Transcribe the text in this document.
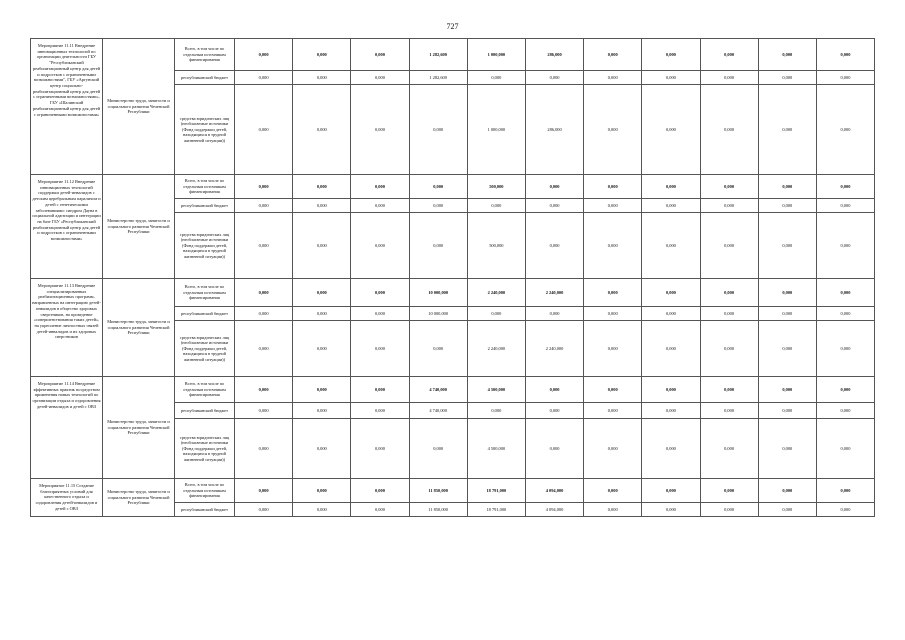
727
Мероприятие 11.11 Внедрение инновационных технологий по организации деятельности ГБУ "Республиканский реабилитационный центр для детей и подростков с ограниченными возможностями", ГБУ «Аргунский центр социально-реабилитационный центр для детей с ограниченными возможностями», ГБУ «Шалинский реабилитационный центр для детей с ограниченными возможностями»	Министерство труда, занятости и социального развития Чеченской Республики	Всего, в том числе по отдельным источникам финансирования	0,000	0,000	0,000	1 282,600	1 000,000	286,000	0,000	0,000	0,000	0,000	0,000
		республиканский бюджет	0,000	0,000	0,000	1 282,600	0,000	0,000	0,000	0,000	0,000	0,000	0,000
		средства юридических лиц (необлагаемые источники (Фонд поддержки детей, находящихся в трудной жизненной ситуации))	0,000	0,000	0,000	0,000	1 000,000	286,000	0,000	0,000	0,000	0,000	0,000
Мероприятие 11.12 Внедрение инновационных технологий поддержки детей-инвалидов с детским церебральным параличом и детей с генетическими заболеваниями: синдром Дауна в социальной адаптации и интеграции на базе ГБУ «Республиканский реабилитационный центр для детей и подростков с ограниченными возможностями»	Министерство труда, занятости и социального развития Чеченской Республики	Всего, в том числе по отдельным источникам финансирования	0,000	0,000	0,000	0,000	500,000	0,000	0,000	0,000	0,000	0,000	0,000
		республиканский бюджет	0,000	0,000	0,000	0,000	0,000	0,000	0,000	0,000	0,000	0,000	0,000
		средства юридических лиц (необлагаемые источники (Фонд поддержки детей, находящихся в трудной жизненной ситуации))	0,000	0,000	0,000	0,000	500,000	0,000	0,000	0,000	0,000	0,000	0,000
Мероприятие 11.13 Внедрение специализированных реабилитационных программ, направленных на интеграцию детей-инвалидов в общество здоровых сверстников, на проведение «совершенствования таких детей», на укрепление личностных связей детей-инвалидов и их здоровых сверстников	Министерство труда, занятости и социального развития Чеченской Республики	Всего, в том числе по отдельным источникам финансирования	0,000	0,000	0,000	10 000,000	2 240,000	2 240,000	0,000	0,000	0,000	0,000	0,000
		республиканский бюджет	0,000	0,000	0,000	10 000,000	0,000	0,000	0,000	0,000	0,000	0,000	0,000
		средства юридических лиц (необлагаемые источники (Фонд поддержки детей, находящихся в трудной жизненной ситуации))	0,000	0,000	0,000	0,000	2 240,000	2 240,000	0,000	0,000	0,000	0,000	0,000
Мероприятие 11.14 Внедрение эффективных практик посредством применения новых технологий по организации отдыха и оздоровления детей-инвалидов и детей с ОВЗ	Министерство труда, занятости и социального развития Чеченской Республики	Всего, в том числе по отдельным источникам финансирования	0,000	0,000	0,000	4 740,000	4 500,000	0,000	0,000	0,000	0,000	0,000	0,000
		республиканский бюджет	0,000	0,000	0,000	4 740,000	0,000	0,000	0,000	0,000	0,000	0,000	0,000
		средства юридических лиц (необлагаемые источники (Фонд поддержки детей, находящихся в трудной жизненной ситуации))	0,000	0,000	0,000	0,000	4 500,000	0,000	0,000	0,000	0,000	0,000	0,000
Мероприятие 11.15 Создание благоприятных условий для качественного отдыха и оздоровления детей-инвалидов и детей с ОВЗ	Министерство труда, занятости и социального развития Чеченской Республики	Всего, в том числе по отдельным источникам финансирования	0,000	0,000	0,000	11 850,000	18 791,000	4 094,000	0,000	0,000	0,000	0,000	0,000
		республиканский бюджет	0,000	0,000	0,000	11 850,000	18 791,000	4 094,000	0,000	0,000	0,000	0,000	0,000
